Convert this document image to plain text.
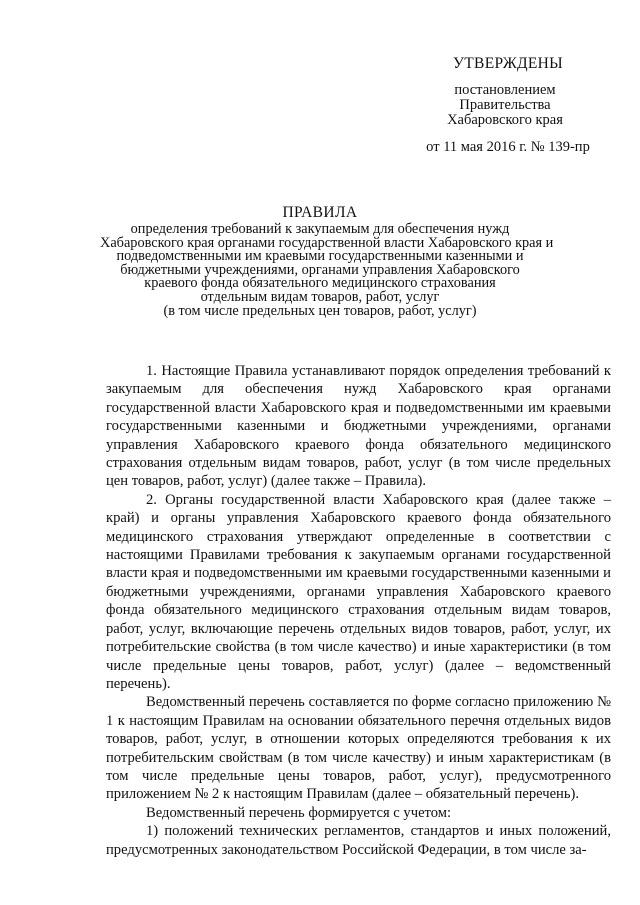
УТВЕРЖДЕНЫ
постановлением
Правительства
Хабаровского края
от 11 мая 2016 г. № 139-пр
ПРАВИЛА
определения требований к закупаемым для обеспечения нужд
Хабаровского края органами государственной власти Хабаровского края и
подведомственными им краевыми государственными казенными и
бюджетными учреждениями, органами управления Хабаровского
краевого фонда обязательного медицинского страхования
отдельным видам товаров, работ, услуг
(в том числе предельных цен товаров, работ, услуг)

1. Настоящие Правила устанавливают порядок определения требований к закупаемым для обеспечения нужд Хабаровского края органами государственной власти Хабаровского края и подведомственными им краевыми государственными казенными и бюджетными учреждениями, органами управления Хабаровского краевого фонда обязательного медицинского страхования отдельным видам товаров, работ, услуг (в том числе предельных цен товаров, работ, услуг) (далее также – Правила).

2. Органы государственной власти Хабаровского края (далее также – край) и органы управления Хабаровского краевого фонда обязательного медицинского страхования утверждают определенные в соответствии с настоящими Правилами требования к закупаемым органами государственной власти края и подведомственными им краевыми государственными казенными и бюджетными учреждениями, органами управления Хабаровского краевого фонда обязательного медицинского страхования отдельным видам товаров, работ, услуг, включающие перечень отдельных видов товаров, работ, услуг, их потребительские свойства (в том числе качество) и иные характеристики (в том числе предельные цены товаров, работ, услуг) (далее – ведомственный перечень).

Ведомственный перечень составляется по форме согласно приложению № 1 к настоящим Правилам на основании обязательного перечня отдельных видов товаров, работ, услуг, в отношении которых определяются требования к их потребительским свойствам (в том числе качеству) и иным характеристикам (в том числе предельные цены товаров, работ, услуг), предусмотренного приложением № 2 к настоящим Правилам (далее – обязательный перечень).

Ведомственный перечень формируется с учетом:

1) положений технических регламентов, стандартов и иных положений, предусмотренных законодательством Российской Федерации, в том числе за-
